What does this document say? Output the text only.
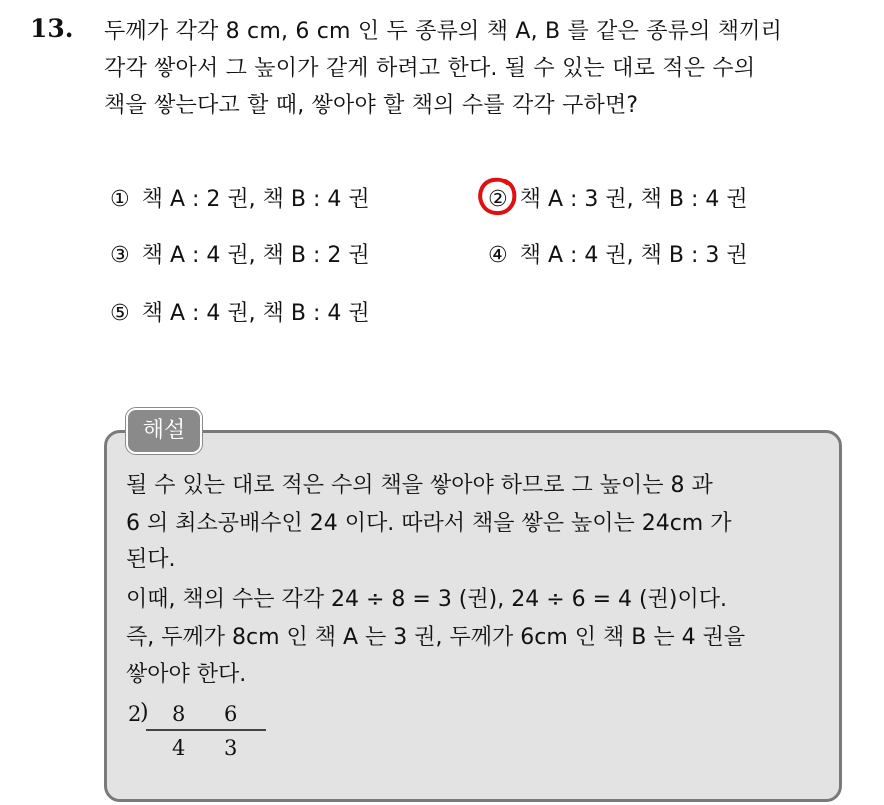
13. 두께가 각각 8 cm, 6 cm 인 두 종류의 책 A, B 를 같은 종류의 책끼리
각각 쌓아서 그 높이가 같게 하려고 한다. 될 수 있는 대로 적은 수의
책을 쌓는다고 할 때, 쌓아야 할 책의 수를 각각 구하면?
① 책 A : 2 권, 책 B : 4 권	② 책 A : 3 권, 책 B : 4 권
③ 책 A : 4 권, 책 B : 2 권	④ 책 A : 4 권, 책 B : 3 권
⑤ 책 A : 4 권, 책 B : 4 권
해설
될 수 있는 대로 적은 수의 책을 쌓아야 하므로 그 높이는 8 과
6 의 최소공배수인 24 이다. 따라서 책을 쌓은 높이는 24cm 가
된다.
이때, 책의 수는 각각 24 ÷ 8 = 3 (권), 24 ÷ 6 = 4 (권)이다.
즉, 두께가 8cm 인 책 A 는 3 권, 두께가 6cm 인 책 B 는 4 권을
쌓아야 한다.
2
) 8 6
4 3
